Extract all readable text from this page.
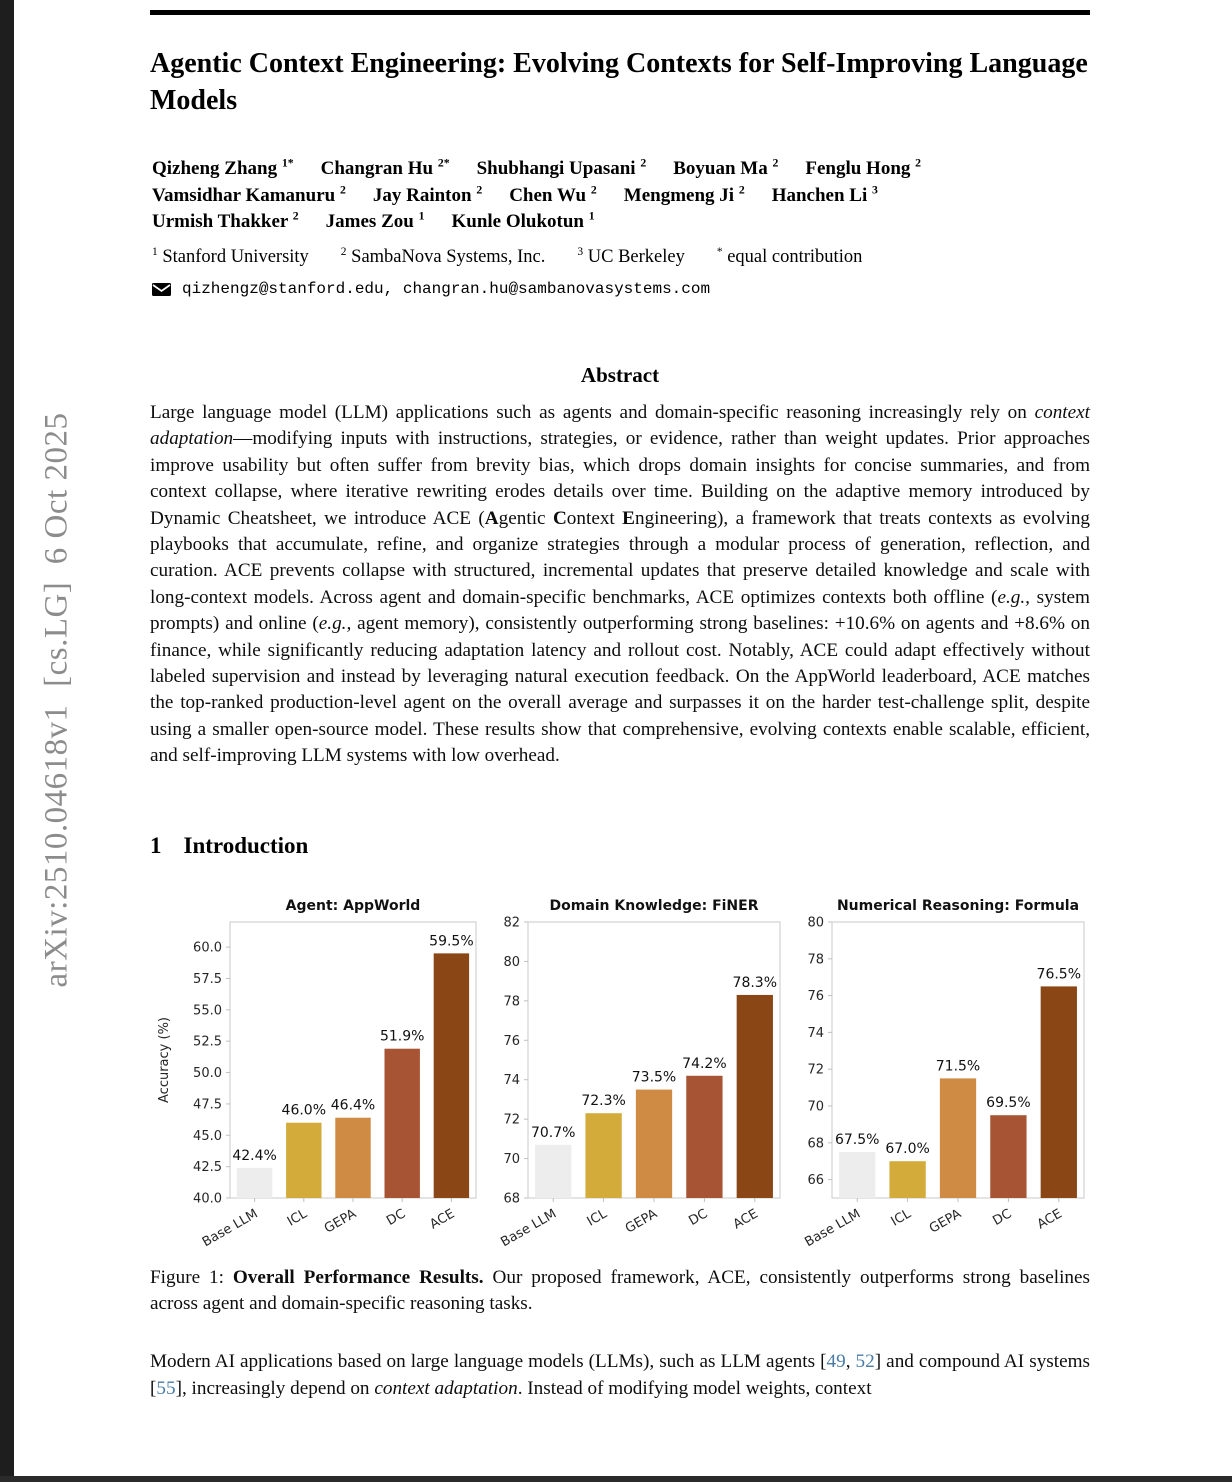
arXiv:2510.04618v1  [cs.LG]  6 Oct 2025
Agentic Context Engineering: Evolving Contexts for Self-Improving Language Models
Qizheng Zhang $^{1*}$ Changran Hu $^{2*}$ Shubhangi Upasani $^2$ Boyuan Ma $^2$ Fenglu Hong $^2$
Vamsidhar Kamanuru $^2$ Jay Rainton $^2$ Chen Wu $^2$ Mengmeng Ji $^2$ Hanchen Li $^3$
Urmish Thakker $^2$ James Zou $^1$ Kunle Olukotun $^1$
$^1$ Stanford University	$^2$ SambaNova Systems, Inc.	$^3$ UC Berkeley	* equal contribution
qizhengz@stanford.edu, changran.hu@sambanovasystems.com
Abstract
Large language model (LLM) applications such as agents and domain-specific reasoning increasingly rely on context adaptation—modifying inputs with instructions, strategies, or evidence, rather than weight updates. Prior approaches improve usability but often suffer from brevity bias, which drops domain insights for concise summaries, and from context collapse, where iterative rewriting erodes details over time. Building on the adaptive memory introduced by Dynamic Cheatsheet, we introduce ACE (Agentic Context Engineering), a framework that treats contexts as evolving playbooks that accumulate, refine, and organize strategies through a modular process of generation, reflection, and curation. ACE prevents collapse with structured, incremental updates that preserve detailed knowledge and scale with long-context models. Across agent and domain-specific benchmarks, ACE optimizes contexts both offline (e.g., system prompts) and online (e.g., agent memory), consistently outperforming strong baselines: +10.6% on agents and +8.6% on finance, while significantly reducing adaptation latency and rollout cost. Notably, ACE could adapt effectively without labeled supervision and instead by leveraging natural execution feedback. On the AppWorld leaderboard, ACE matches the top-ranked production-level agent on the overall average and surpasses it on the harder test-challenge split, despite using a smaller open-source model. These results show that comprehensive, evolving contexts enable scalable, efficient, and self-improving LLM systems with low overhead.
1 Introduction
40.0
42.5
45.0
47.5
50.0
52.5
55.0
57.5
60.0
42.4%
Base LLM
46.0%
ICL
46.4%
GEPA
51.9%
DC
59.5%
ACE
Agent: AppWorld
Accuracy (%)
68
70
72
74
76
78
80
82
70.7%
Base LLM
72.3%
ICL
73.5%
GEPA
74.2%
DC
78.3%
ACE
Domain Knowledge: FiNER
66
68
70
72
74
76
78
80
67.5%
Base LLM
67.0%
ICL
71.5%
GEPA
69.5%
DC
76.5%
ACE
Numerical Reasoning: Formula
Figure 1: Overall Performance Results. Our proposed framework, ACE, consistently outperforms strong baselines across agent and domain-specific reasoning tasks.
Modern AI applications based on large language models (LLMs), such as LLM agents [49, 52] and compound AI systems [55], increasingly depend on context adaptation. Instead of modifying model weights, context
